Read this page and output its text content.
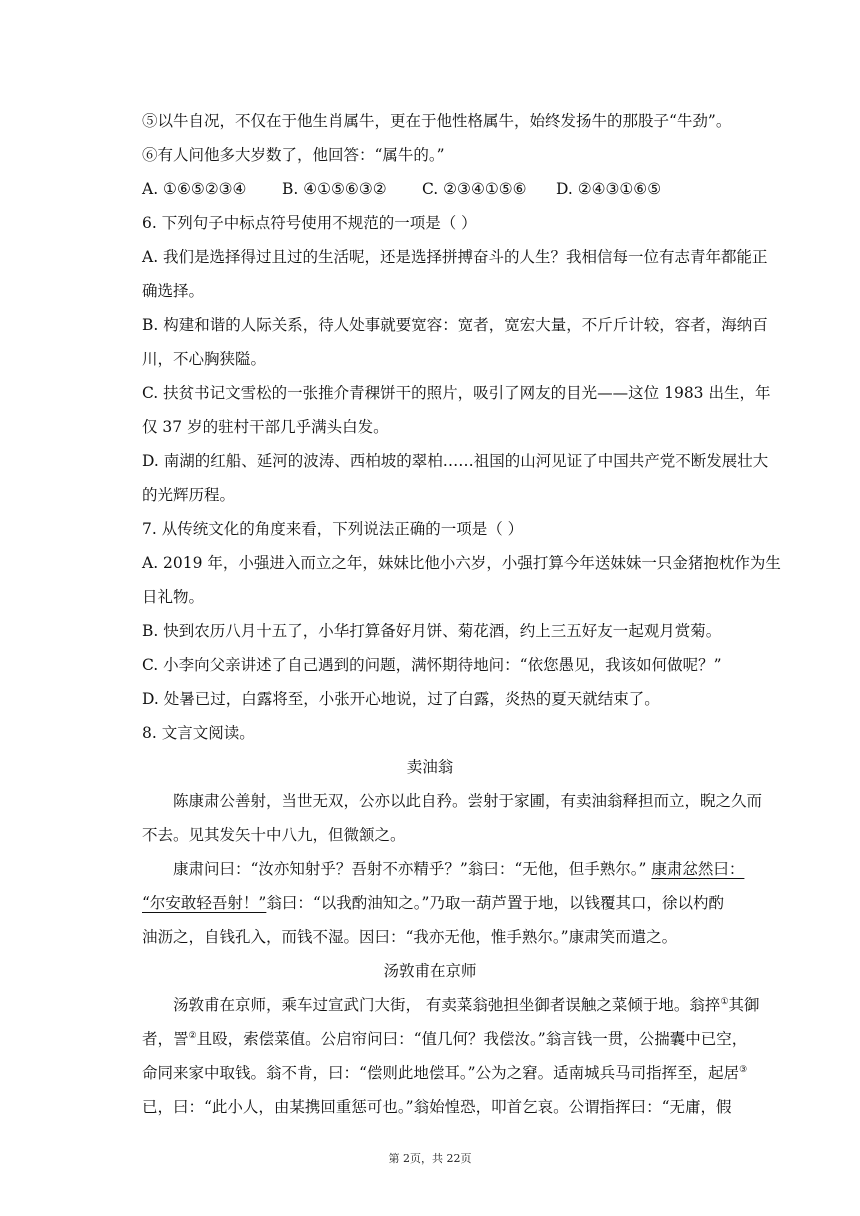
⑤以牛自况，不仅在于他生肖属牛，更在于他性格属牛，始终发扬牛的那股子“牛劲”。
⑥有人问他多大岁数了，他回答：“属牛的。”
A. ①⑥⑤②③④ B. ④①⑤⑥③② C. ②③④①⑤⑥ D. ②④③①⑥⑤
6. 下列句子中标点符号使用不规范的一项是（ ）
A. 我们是选择得过且过的生活呢，还是选择拼搏奋斗的人生？我相信每一位有志青年都能正
确选择。
B. 构建和谐的人际关系，待人处事就要宽容：宽者，宽宏大量，不斤斤计较，容者，海纳百
川，不心胸狭隘。
C. 扶贫书记文雪松的一张推介青稞饼干的照片，吸引了网友的目光——这位 1983 出生，年
仅 37 岁的驻村干部几乎满头白发。
D. 南湖的红船、延河的波涛、西柏坡的翠柏……祖国的山河见证了中国共产党不断发展壮大
的光辉历程。
7. 从传统文化的角度来看，下列说法正确的一项是（ ）
A. 2019 年，小强进入而立之年，妹妹比他小六岁，小强打算今年送妹妹一只金猪抱枕作为生
日礼物。
B. 快到农历八月十五了，小华打算备好月饼、菊花酒，约上三五好友一起观月赏菊。
C. 小李向父亲讲述了自己遇到的问题，满怀期待地问：“依您愚见，我该如何做呢？”
D. 处暑已过，白露将至，小张开心地说，过了白露，炎热的夏天就结束了。
8. 文言文阅读。
卖油翁
陈康肃公善射，当世无双，公亦以此自矜。尝射于家圃，有卖油翁释担而立，睨之久而
不去。见其发矢十中八九，但微颔之。
康肃问曰：“汝亦知射乎？吾射不亦精乎？”翁曰：“无他，但手熟尔。” 康肃忿然曰：
“尔安敢轻吾射！”翁曰：“以我酌油知之。”乃取一葫芦置于地，以钱覆其口，徐以杓酌
油沥之，自钱孔入，而钱不湿。因曰：“我亦无他，惟手熟尔。”康肃笑而遣之。
汤敦甫在京师
汤敦甫在京师，乘车过宣武门大街， 有卖菜翁弛担坐御者误触之菜倾于地。翁捽①其御
者，詈②且殴，索偿菜值。公启帘问曰：“值几何？我偿汝。”翁言钱一贯，公揣囊中已空，
命同来家中取钱。翁不肯，曰：“偿则此地偿耳。”公为之窘。适南城兵马司指挥至，起居③
已，曰：“此小人，由某携回重惩可也。”翁始惶恐，叩首乞哀。公谓指挥曰：“无庸，假
第 2页，共 22页
